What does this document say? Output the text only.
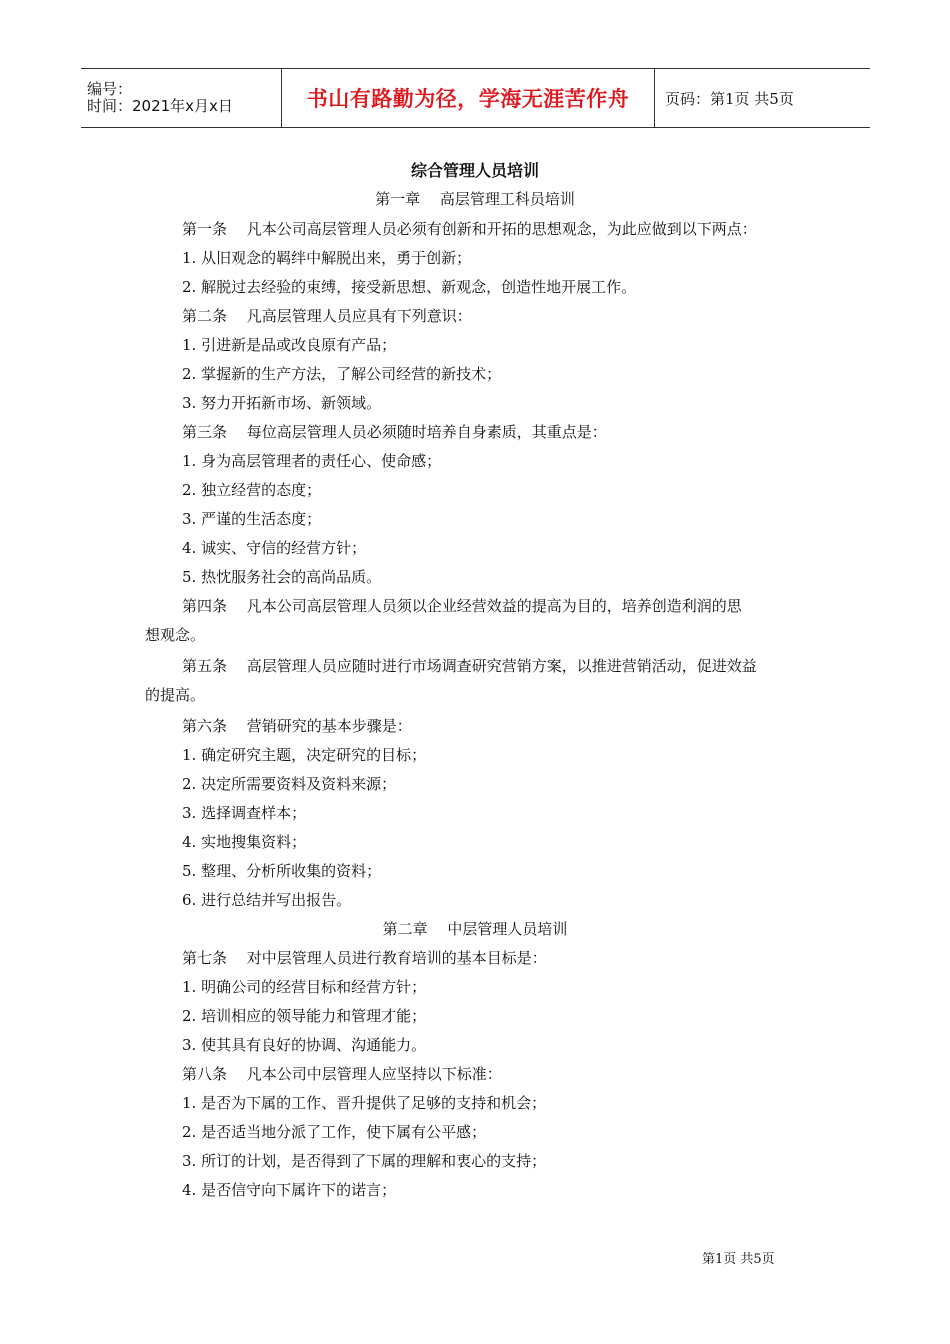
编号：
时间：2021年x月x日	书山有路勤为径，学海无涯苦作舟 页码：第1页 共5页
综合管理人员培训
第一章　 高层管理工科员培训
第一条　 凡本公司高层管理人员必须有创新和开拓的思想观念，为此应做到以下两点：
1. 从旧观念的羁绊中解脱出来，勇于创新；
2. 解脱过去经验的束缚，接受新思想、新观念，创造性地开展工作。
第二条　 凡高层管理人员应具有下列意识：
1. 引进新是品或改良原有产品；
2. 掌握新的生产方法，了解公司经营的新技术；
3. 努力开拓新市场、新领域。
第三条　 每位高层管理人员必须随时培养自身素质，其重点是：
1. 身为高层管理者的责任心、使命感；
2. 独立经营的态度；
3. 严谨的生活态度；
4. 诚实、守信的经营方针；
5. 热忱服务社会的高尚品质。
第四条　 凡本公司高层管理人员须以企业经营效益的提高为目的，培养创造利润的思
想观念。
第五条　 高层管理人员应随时进行市场调查研究营销方案，以推进营销活动，促进效益
的提高。
第六条　 营销研究的基本步骤是：
1. 确定研究主题，决定研究的目标；
2. 决定所需要资料及资料来源；
3. 选择调查样本；
4. 实地搜集资料；
5. 整理、分析所收集的资料；
6. 进行总结并写出报告。
第二章　 中层管理人员培训
第七条　 对中层管理人员进行教育培训的基本目标是：
1. 明确公司的经营目标和经营方针；
2. 培训相应的领导能力和管理才能；
3. 使其具有良好的协调、沟通能力。
第八条　 凡本公司中层管理人应坚持以下标准：
1. 是否为下属的工作、晋升提供了足够的支持和机会；
2. 是否适当地分派了工作，使下属有公平感；
3. 所订的计划，是否得到了下属的理解和衷心的支持；
4. 是否信守向下属许下的诺言；
第1页 共5页
